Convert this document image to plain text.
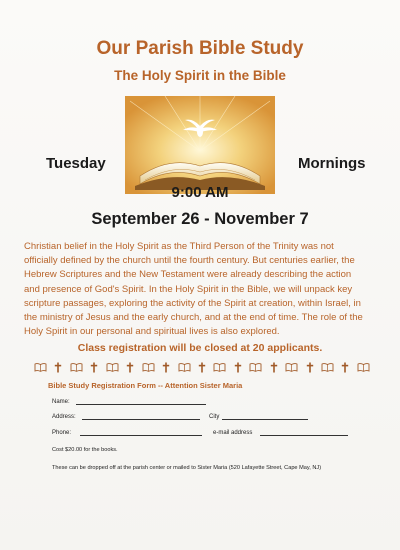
Our Parish Bible Study
The Holy Spirit in the Bible
Tuesday	Mornings
9:00 AM
September 26 - November 7
Christian belief in the Holy Spirit as the Third Person of the Trinity was not
officially defined by the church until the fourth century. But centuries earlier, the
Hebrew Scriptures and the New Testament were already describing the action
and presence of God's Spirit. In the Holy Spirit in the Bible, we will unpack key
scripture passages, exploring the activity of the Spirit at creation, within Israel, in
the ministry of Jesus and the early church, and at the end of time. The role of the
Holy Spirit in our personal and spiritual lives is also explored.
Class registration will be closed at 20 applicants.
Bible Study Registration Form -- Attention Sister Maria
Name:
Address:	City
Phone:	e-mail address
Cost $20.00 for the books.
These can be dropped off at the parish center or mailed to Sister Maria (520 Lafayette Street, Cape May, NJ)
